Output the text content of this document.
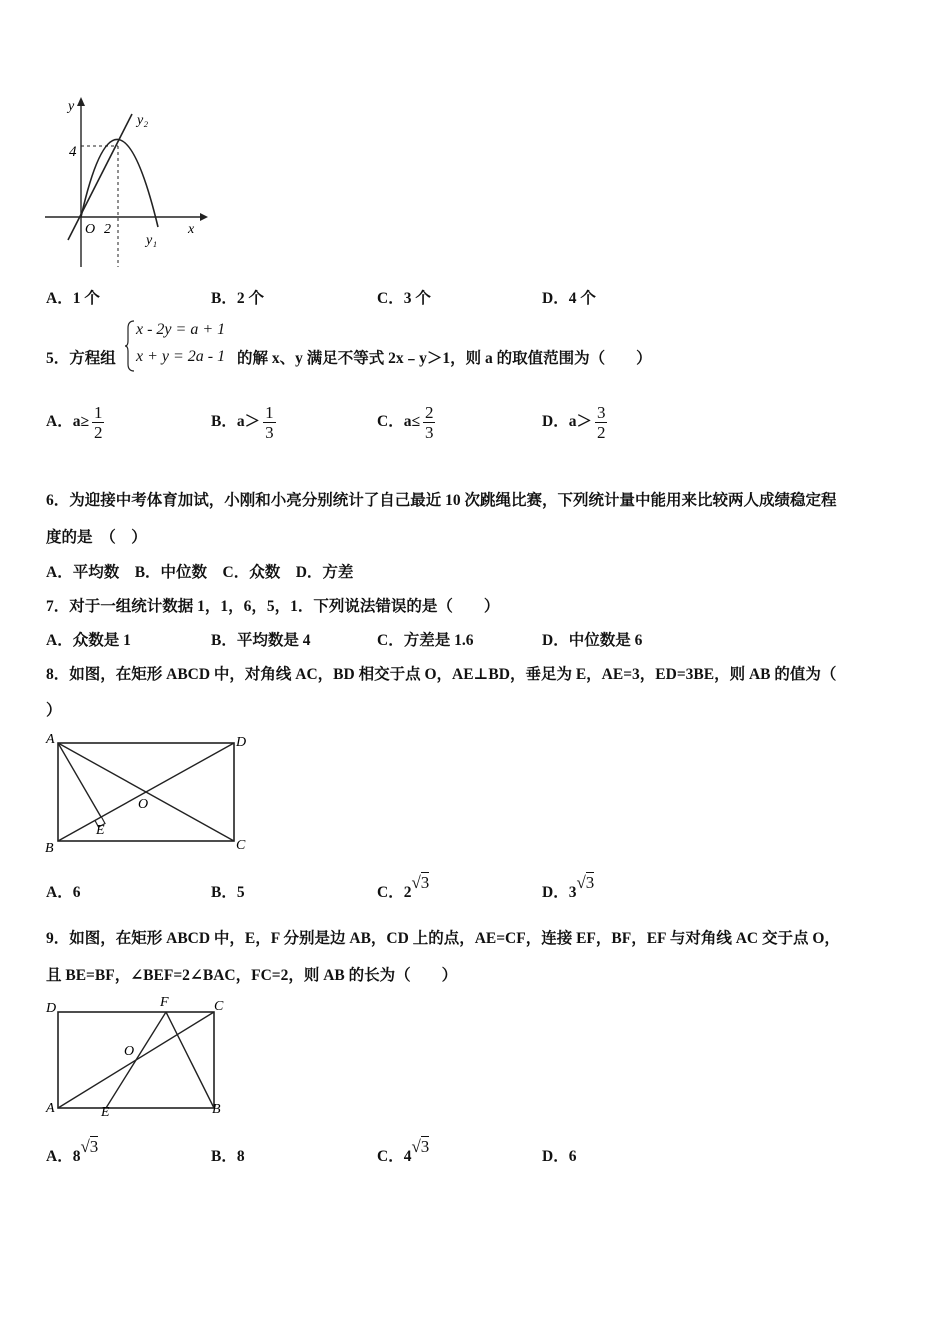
y
y₂
4
O 2	x
y₁
A．1 个	B．2 个	C．3 个	D．4 个
5．方程组
x - 2y = a + 1
x + y = 2a - 1 的解 x、y 满足不等式 2x﹣y＞1，则 a 的取值范围为（　　）
A．$a\ge \frac{1}{2}$	B．$a> \frac{1}{3}$	C．$a\le \frac{2}{3}$	D．$a> \frac{3}{2}$
6．为迎接中考体育加试，小刚和小亮分别统计了自己最近 10 次跳绳比赛，下列统计量中能用来比较两人成绩稳定程
度的是　（　）
A．平均数　B．中位数　C．众数　D．方差
7．对于一组统计数据 1，1，6，5，1．下列说法错误的是（　　）
A．众数是 1	B．平均数是 4	C．方差是 1.6	D．中位数是 6
8．如图，在矩形 ABCD 中，对角线 AC，BD 相交于点 O，AE⊥BD，垂足为 E，AE=3，ED=3BE，则 AB 的值为（
）
A	D
B	C
O
E
A．6	B．5	C．2√3
D．3√3
9．如图，在矩形 ABCD 中，E，F 分别是边 AB，CD 上的点，AE=CF，连接 EF，BF，EF 与对角线 AC 交于点 O，
且 BE=BF，∠BEF=2∠BAC，FC=2，则 AB 的长为（　　）
D	F	C
O
A	E	B
A．8√3
B．8	C．4√3
D．6
